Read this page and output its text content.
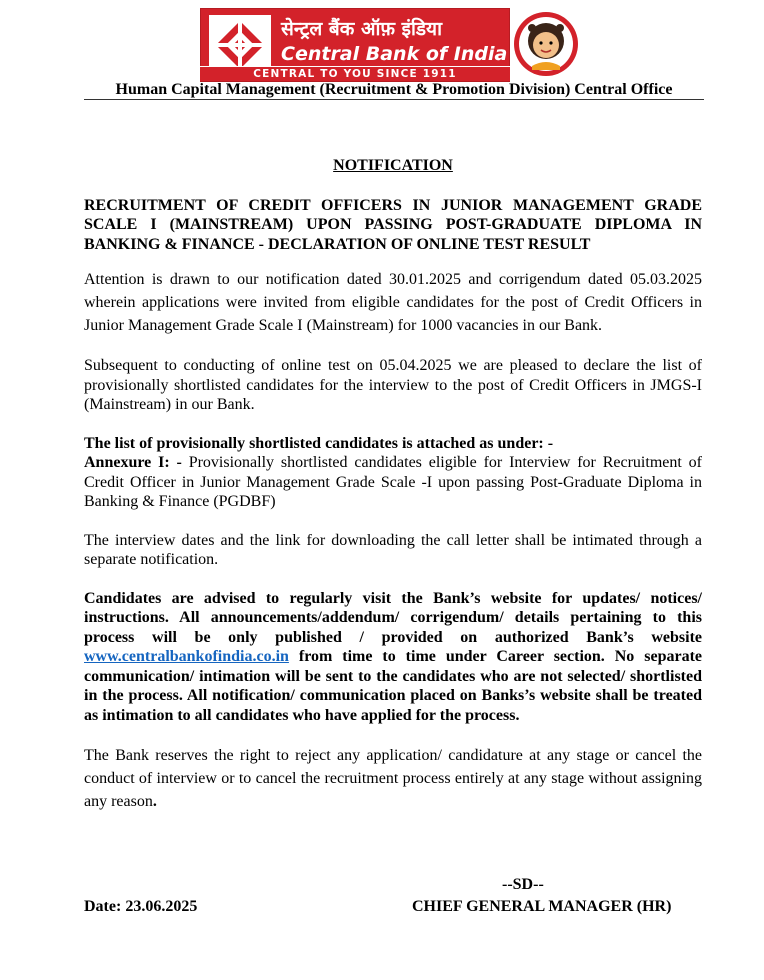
सेन्ट्रल बैंक ऑफ़ इंडिया
Central Bank of India
CENTRAL TO YOU SINCE 1911
Human Capital Management (Recruitment & Promotion Division) Central Office
NOTIFICATION

RECRUITMENT OF CREDIT OFFICERS IN JUNIOR MANAGEMENT GRADE SCALE I (MAINSTREAM) UPON PASSING POST-GRADUATE DIPLOMA IN BANKING & FINANCE - DECLARATION OF ONLINE TEST RESULT

Attention is drawn to our notification dated 30.01.2025 and corrigendum dated 05.03.2025 wherein applications were invited from eligible candidates for the post of Credit Officers in Junior Management Grade Scale I (Mainstream) for 1000 vacancies in our Bank.

Subsequent to conducting of online test on 05.04.2025 we are pleased to declare the list of provisionally shortlisted candidates for the interview to the post of Credit Officers in JMGS-I (Mainstream) in our Bank.

The list of provisionally shortlisted candidates is attached as under: -
Annexure I: - Provisionally shortlisted candidates eligible for Interview for Recruitment of Credit Officer in Junior Management Grade Scale -I upon passing Post-Graduate Diploma in Banking & Finance (PGDBF)

The interview dates and the link for downloading the call letter shall be intimated through a separate notification.

Candidates are advised to regularly visit the Bank’s website for updates/ notices/ instructions. All announcements/addendum/ corrigendum/ details pertaining to this process will be only published / provided on authorized Bank’s website www.centralbankofindia.co.in from time to time under Career section. No separate communication/ intimation will be sent to the candidates who are not selected/ shortlisted in the process. All notification/ communication placed on Banks’s website shall be treated as intimation to all candidates who have applied for the process.

The Bank reserves the right to reject any application/ candidature at any stage or cancel the conduct of interview or to cancel the recruitment process entirely at any stage without assigning any reason.

--SD--
Date: 23.06.2025	CHIEF GENERAL MANAGER (HR)
